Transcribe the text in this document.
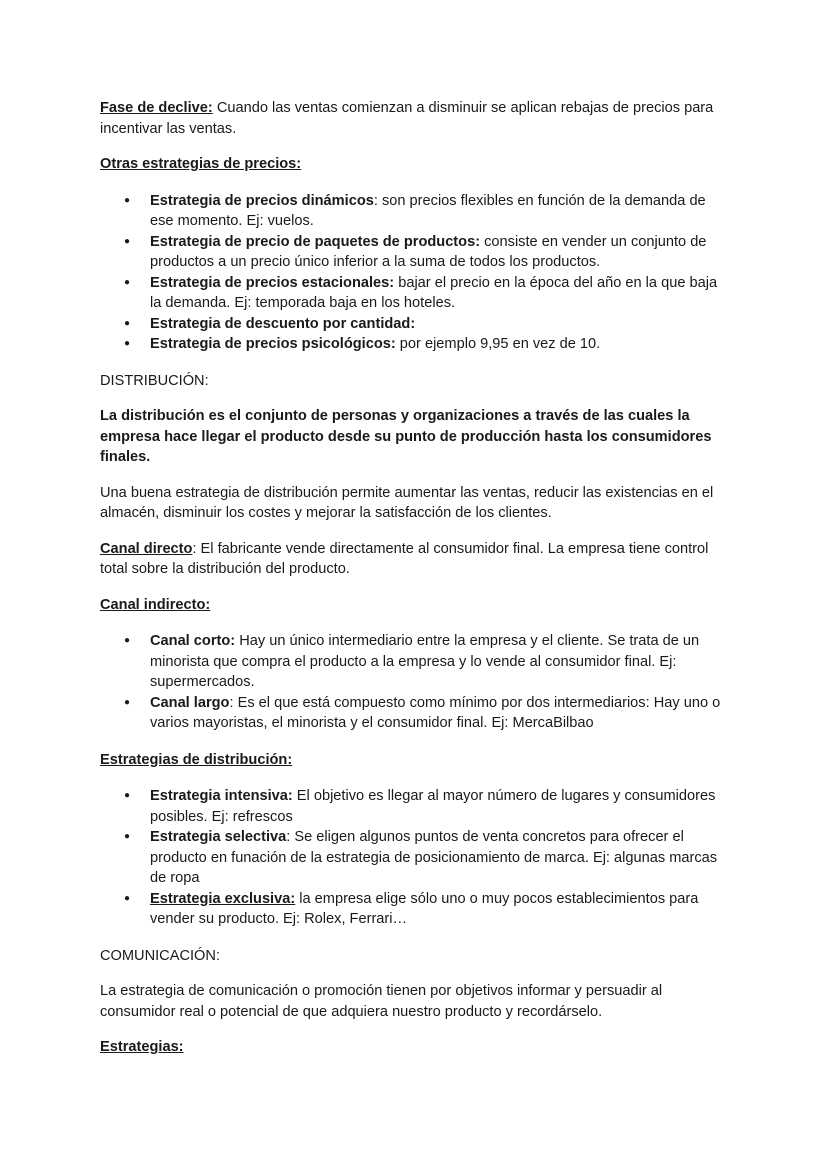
Fase de declive: Cuando las ventas comienzan a disminuir se aplican rebajas de precios para incentivar las ventas.

Otras estrategias de precios:

● Estrategia de precios dinámicos: son precios flexibles en función de la demanda de ese momento. Ej: vuelos.
● Estrategia de precio de paquetes de productos: consiste en vender un conjunto de productos a un precio único inferior a la suma de todos los productos.
● Estrategia de precios estacionales: bajar el precio en la época del año en la que baja la demanda. Ej: temporada baja en los hoteles.
● Estrategia de descuento por cantidad:
● Estrategia de precios psicológicos: por ejemplo 9,95 en vez de 10.

DISTRIBUCIÓN:

La distribución es el conjunto de personas y organizaciones a través de las cuales la empresa hace llegar el producto desde su punto de producción hasta los consumidores finales.

Una buena estrategia de distribución permite aumentar las ventas, reducir las existencias en el almacén, disminuir los costes y mejorar la satisfacción de los clientes.

Canal directo: El fabricante vende directamente al consumidor final. La empresa tiene control total sobre la distribución del producto.

Canal indirecto:

● Canal corto: Hay un único intermediario entre la empresa y el cliente. Se trata de un minorista que compra el producto a la empresa y lo vende al consumidor final. Ej: supermercados.
● Canal largo: Es el que está compuesto como mínimo por dos intermediarios: Hay uno o varios mayoristas, el minorista y el consumidor final. Ej: MercaBilbao

Estrategias de distribución:

● Estrategia intensiva: El objetivo es llegar al mayor número de lugares y consumidores posibles. Ej: refrescos
● Estrategia selectiva: Se eligen algunos puntos de venta concretos para ofrecer el producto en funación de la estrategia de posicionamiento de marca. Ej: algunas marcas de ropa
● Estrategia exclusiva: la empresa elige sólo uno o muy pocos establecimientos para vender su producto. Ej: Rolex, Ferrari…

COMUNICACIÓN:

La estrategia de comunicación o promoción tienen por objetivos informar y persuadir al consumidor real o potencial de que adquiera nuestro producto y recordárselo.

Estrategias:
